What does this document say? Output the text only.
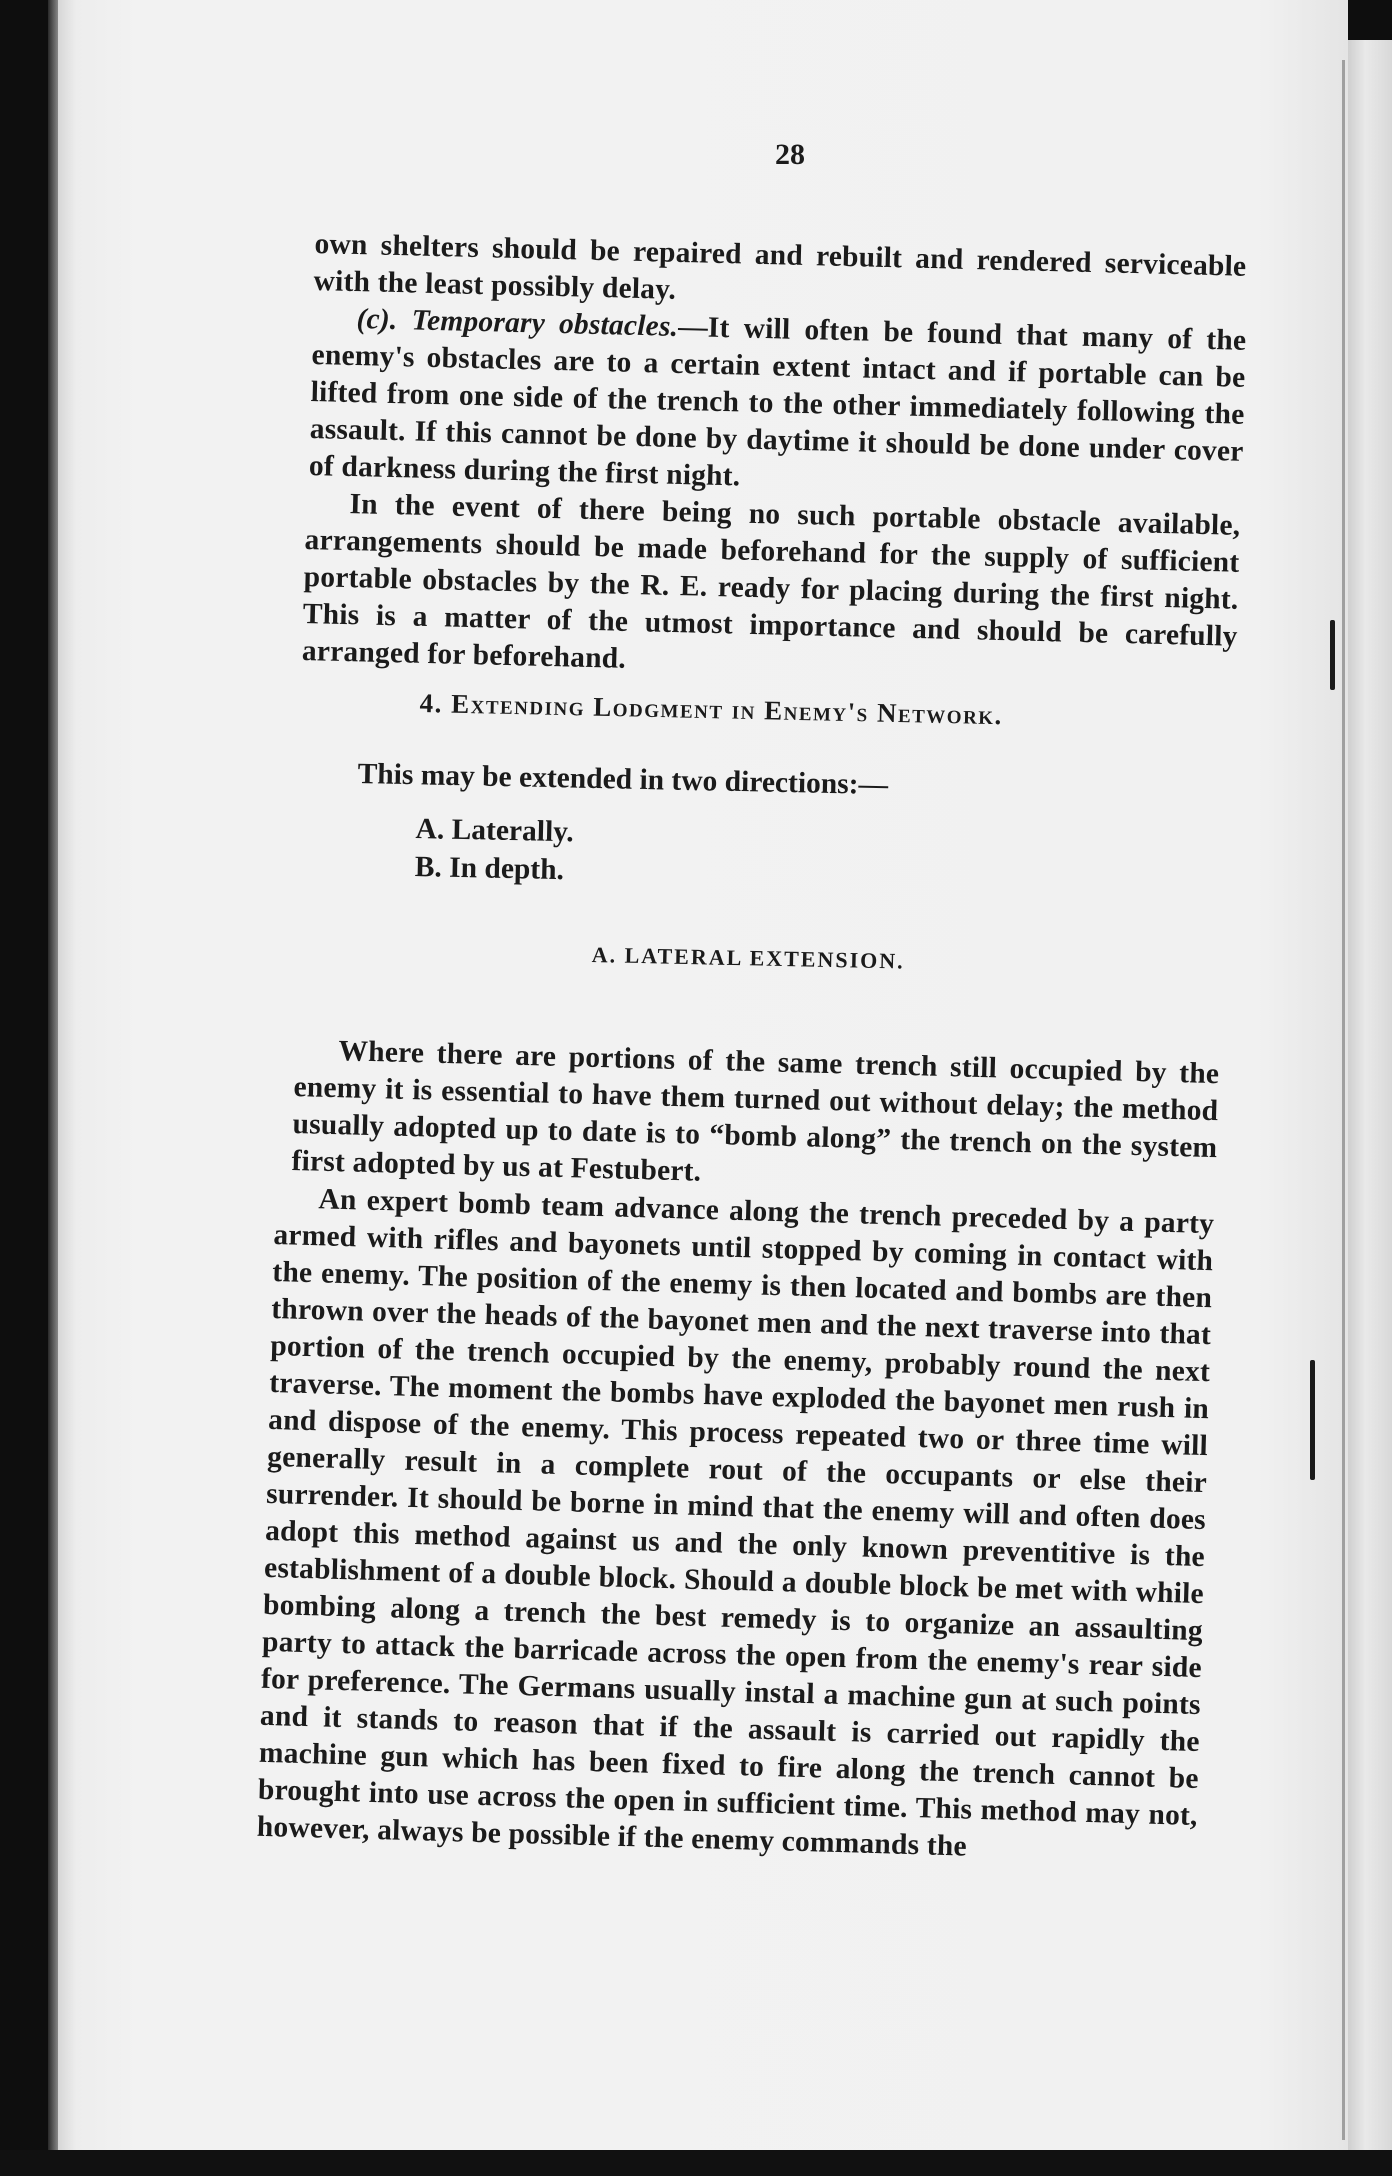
28

own shelters should be repaired and rebuilt and rendered serviceable with the least possibly delay.

(c). Temporary obstacles.—It will often be found that many of the enemy's obstacles are to a certain extent intact and if portable can be lifted from one side of the trench to the other immediately following the assault. If this cannot be done by daytime it should be done under cover of darkness during the first night.

In the event of there being no such portable obstacle available, arrangements should be made beforehand for the supply of sufficient portable obstacles by the R. E. ready for placing during the first night. This is a matter of the utmost importance and should be carefully arranged for beforehand.

4. Extending Lodgment in Enemy's Network.
This may be extended in two directions:—
A. Laterally.
B. In depth.
A. LATERAL EXTENSION.

Where there are portions of the same trench still occupied by the enemy it is essential to have them turned out without delay; the method usually adopted up to date is to “bomb along” the trench on the system first adopted by us at Festubert.

An expert bomb team advance along the trench preceded by a party armed with rifles and bayonets until stopped by coming in contact with the enemy. The position of the enemy is then located and bombs are then thrown over the heads of the bayonet men and the next traverse into that portion of the trench occupied by the enemy, probably round the next traverse. The moment the bombs have exploded the bayonet men rush in and dispose of the enemy. This process repeated two or three time will generally result in a complete rout of the occupants or else their surrender. It should be borne in mind that the enemy will and often does adopt this method against us and the only known preventitive is the establishment of a double block. Should a double block be met with while bombing along a trench the best remedy is to organize an assaulting party to attack the barricade across the open from the enemy's rear side for preference. The Germans usually instal a machine gun at such points and it stands to reason that if the assault is carried out rapidly the machine gun which has been fixed to fire along the trench cannot be brought into use across the open in sufficient time. This method may not, however, always be possible if the enemy commands the
